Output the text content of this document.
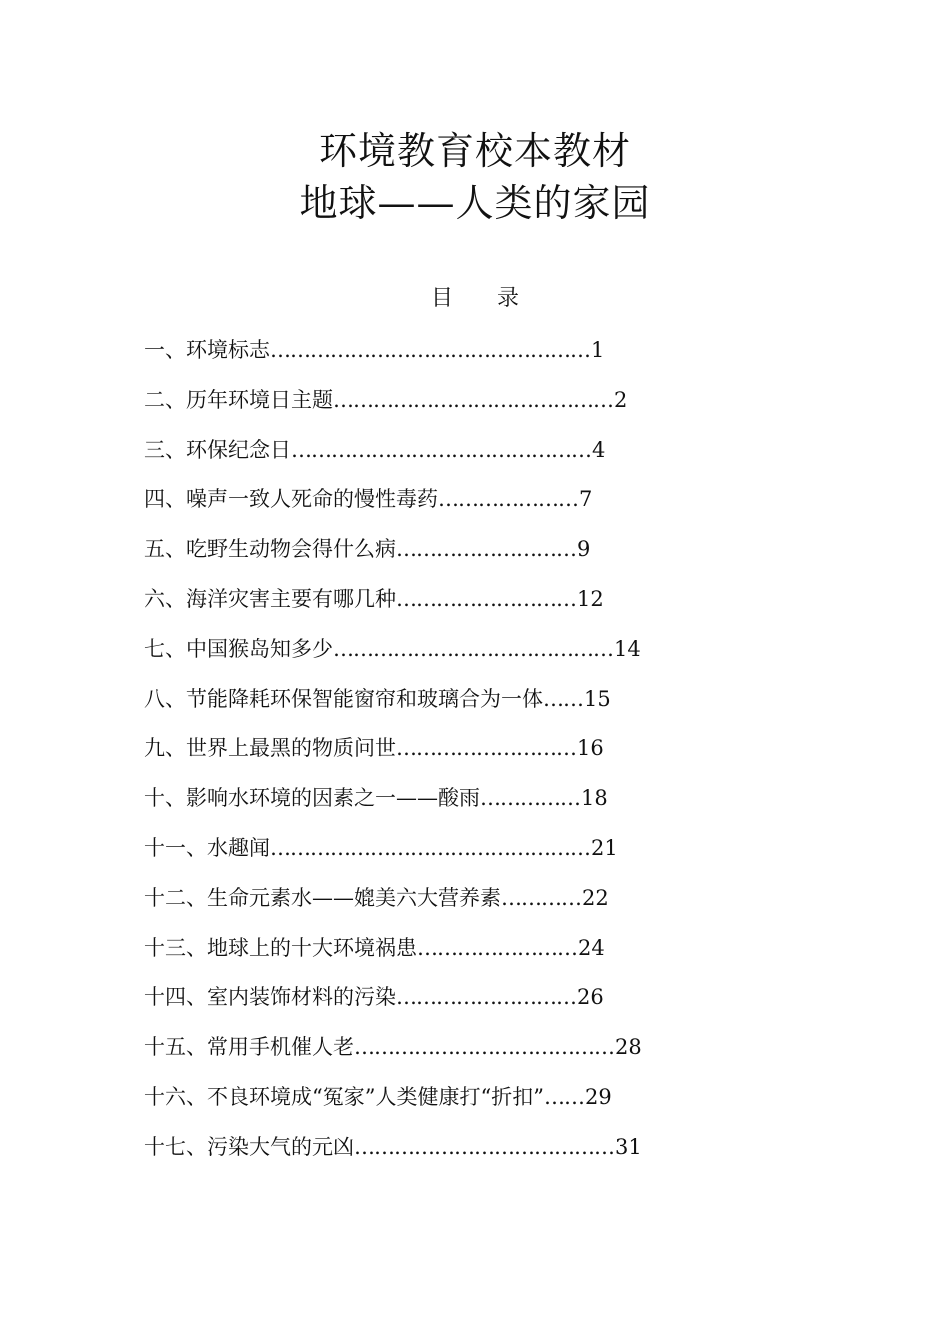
环境教育校本教材
地球——人类的家园
目 录
一、环境标志 ………………………………………… 1
二、历年环境日主题 …………………………………… 2
三、环保纪念日 ……………………………………… 4
四、噪声一致人死命的慢性毒药 ………………… 7
五、吃野生动物会得什么病 ……………………… 9
六、海洋灾害主要有哪几种 ……………………… 12
七、中国猴岛知多少 …………………………………… 14
八、节能降耗环保智能窗帘和玻璃合为一体 …… 15
九、世界上最黑的物质问世 ……………………… 16
十、影响水环境的因素之一——酸雨 …………… 18
十一、水趣闻 ………………………………………… 21
十二、生命元素水——媲美六大营养素 ………… 22
十三、地球上的十大环境祸患 …………………… 24
十四、室内装饰材料的污染 ……………………… 26
十五、常用手机催人老 ………………………………… 28
十六、不良环境成“冤家”人类健康打“折扣” …… 29
十七、污染大气的元凶 ………………………………… 31
